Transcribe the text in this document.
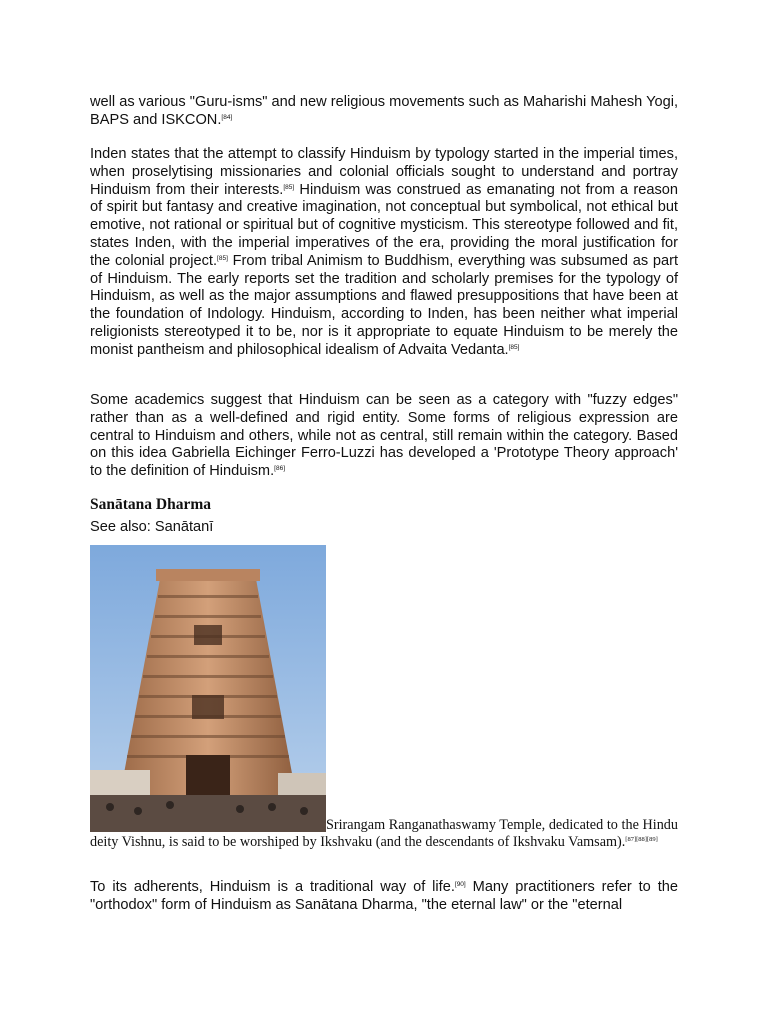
well as various "Guru-isms" and new religious movements such as Maharishi Mahesh Yogi, BAPS and ISKCON.[84]

Inden states that the attempt to classify Hinduism by typology started in the imperial times, when proselytising missionaries and colonial officials sought to understand and portray Hinduism from their interests.[85] Hinduism was construed as emanating not from a reason of spirit but fantasy and creative imagination, not conceptual but symbolical, not ethical but emotive, not rational or spiritual but of cognitive mysticism. This stereotype followed and fit, states Inden, with the imperial imperatives of the era, providing the moral justification for the colonial project.[85] From tribal Animism to Buddhism, everything was subsumed as part of Hinduism. The early reports set the tradition and scholarly premises for the typology of Hinduism, as well as the major assumptions and flawed presuppositions that have been at the foundation of Indology. Hinduism, according to Inden, has been neither what imperial religionists stereotyped it to be, nor is it appropriate to equate Hinduism to be merely the monist pantheism and philosophical idealism of Advaita Vedanta.[85]

Some academics suggest that Hinduism can be seen as a category with "fuzzy edges" rather than as a well-defined and rigid entity. Some forms of religious expression are central to Hinduism and others, while not as central, still remain within the category. Based on this idea Gabriella Eichinger Ferro-Luzzi has developed a 'Prototype Theory approach' to the definition of Hinduism.[86]

Sanātana Dharma
See also: Sanātanī
Srirangam Ranganathaswamy Temple, dedicated to the Hindu deity Vishnu, is said to be worshiped by Ikshvaku (and the descendants of Ikshvaku Vamsam).[87][88][89]

To its adherents, Hinduism is a traditional way of life.[90] Many practitioners refer to the "orthodox" form of Hinduism as Sanātana Dharma, "the eternal law" or the "eternal
